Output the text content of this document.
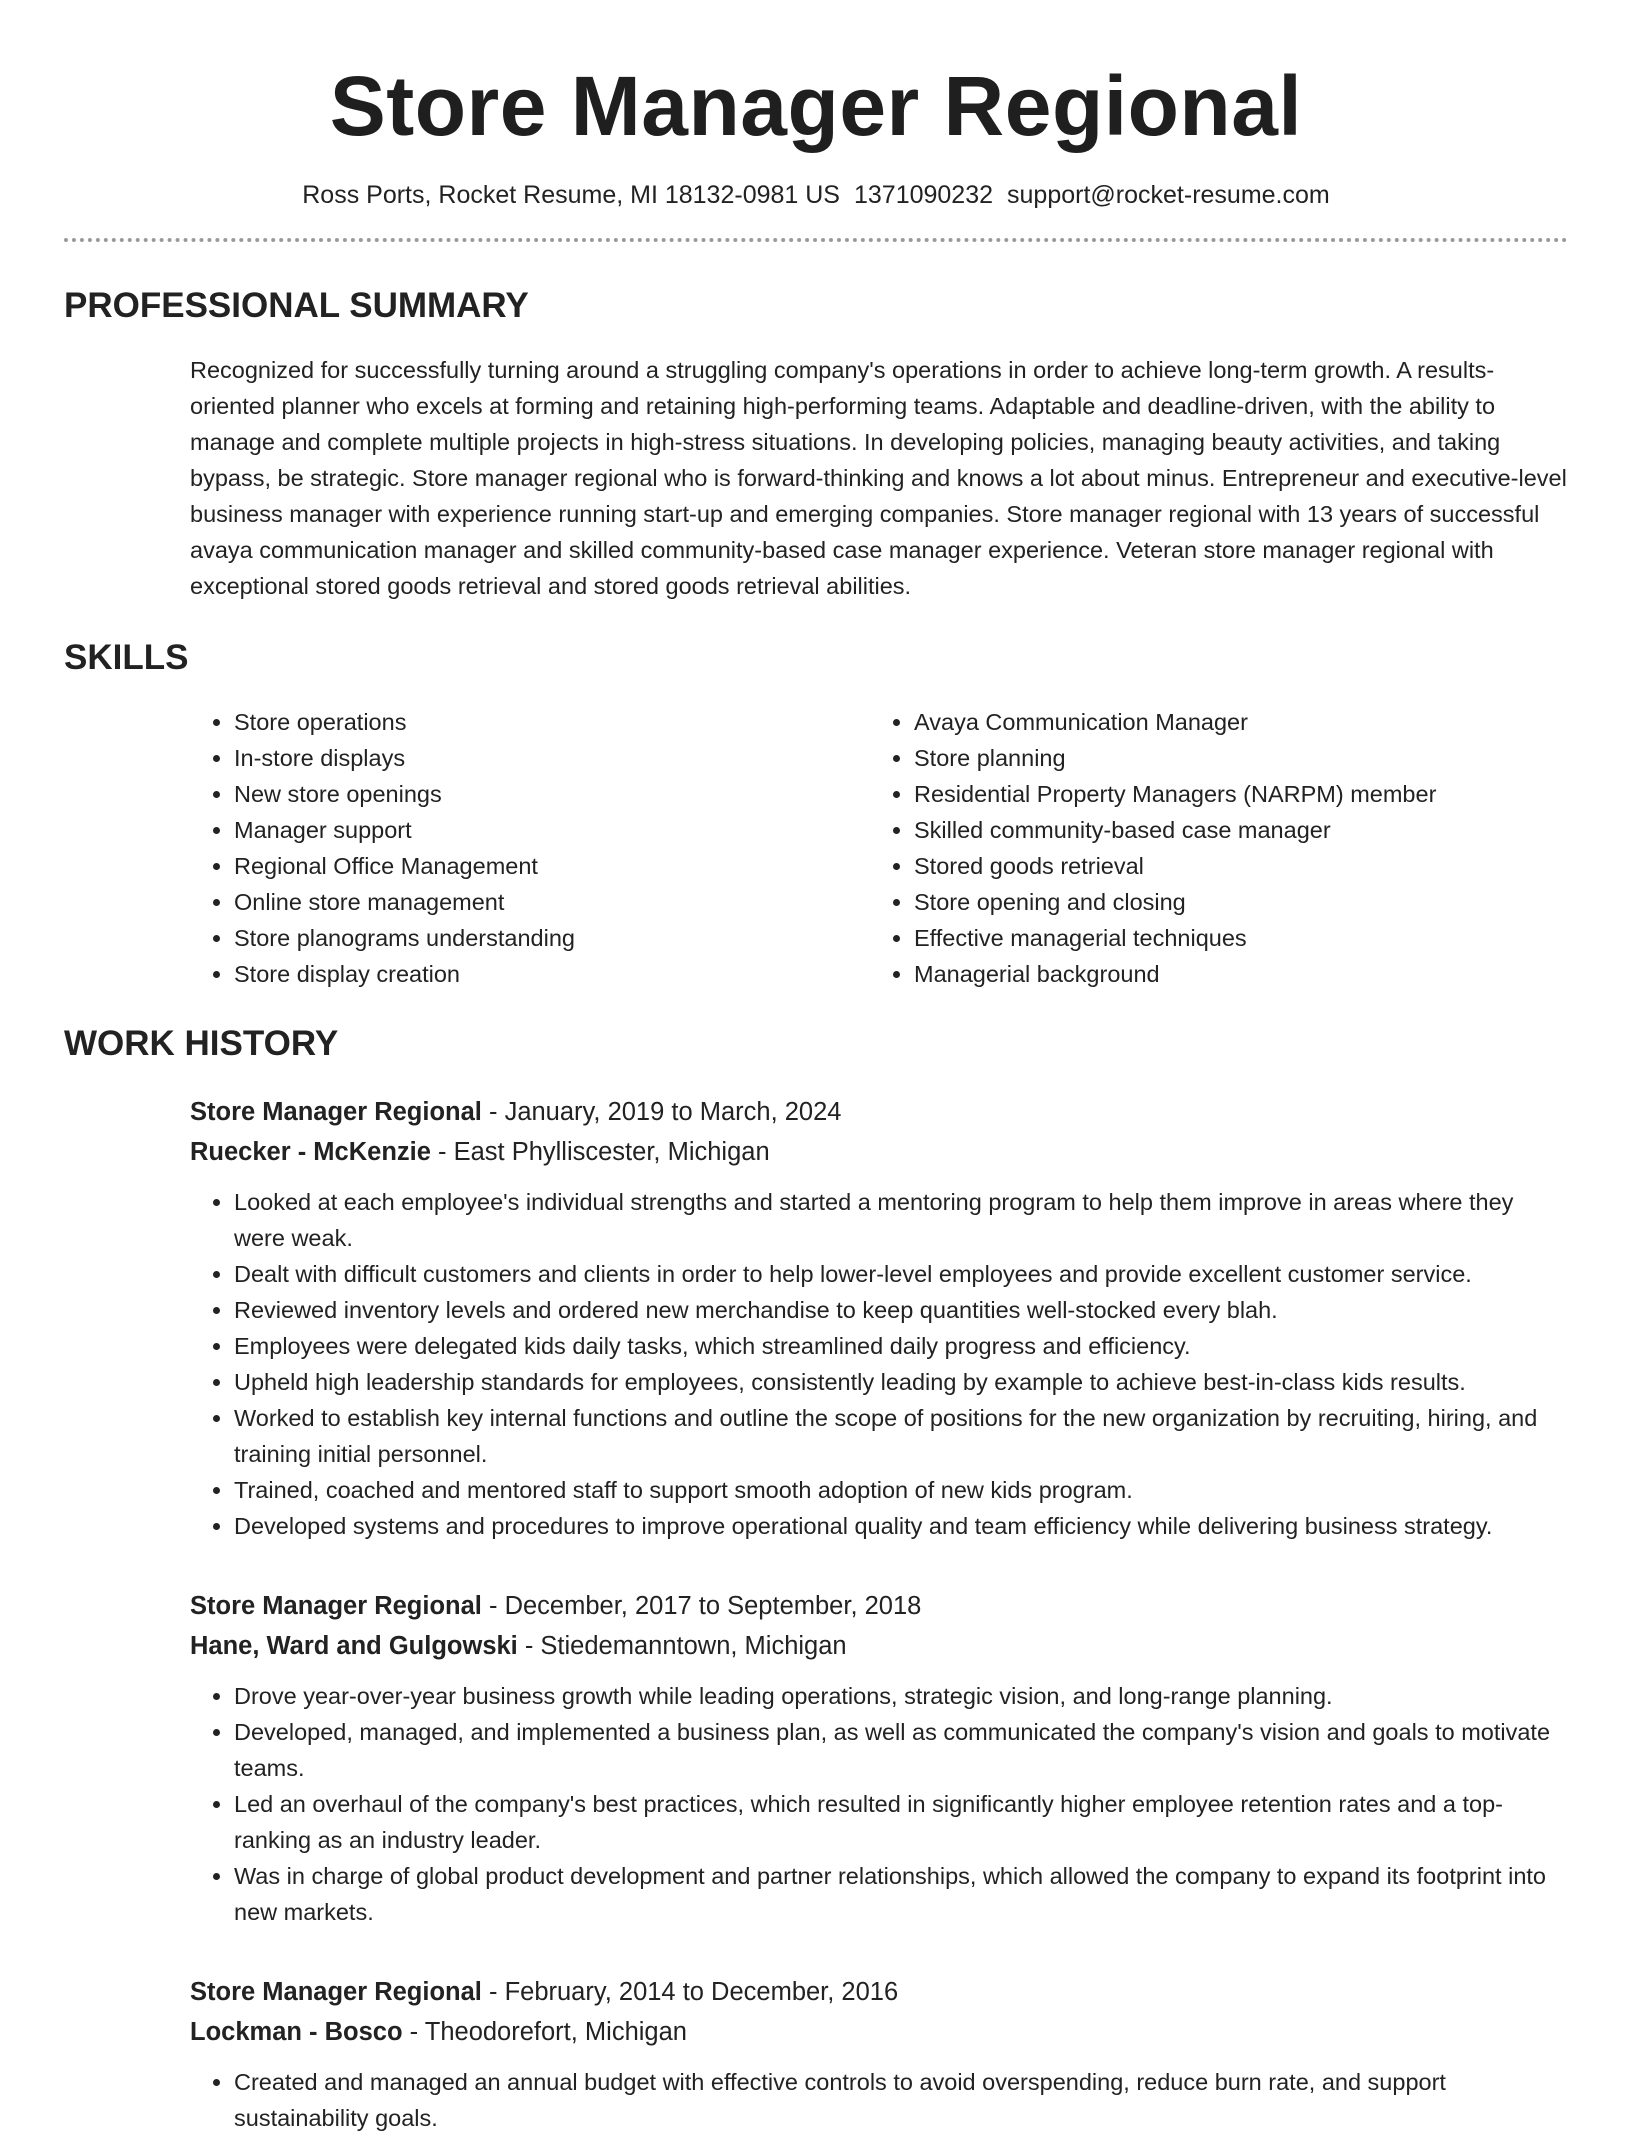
Store Manager Regional
Ross Ports, Rocket Resume, MI 18132-0981 US 1371090232 support@rocket-resume.com
PROFESSIONAL SUMMARY

Recognized for successfully turning around a struggling company's operations in order to achieve long-term growth. A results-oriented planner who excels at forming and retaining high-performing teams. Adaptable and deadline-driven, with the ability to manage and complete multiple projects in high-stress situations. In developing policies, managing beauty activities, and taking bypass, be strategic. Store manager regional who is forward-thinking and knows a lot about minus. Entrepreneur and executive-level business manager with experience running start-up and emerging companies. Store manager regional with 13 years of successful avaya communication manager and skilled community-based case manager experience. Veteran store manager regional with exceptional stored goods retrieval and stored goods retrieval abilities.

SKILLS
• Store operations
• In-store displays
• New store openings
• Manager support
• Regional Office Management
• Online store management
• Store planograms understanding
• Store display creation
• Avaya Communication Manager
• Store planning
• Residential Property Managers (NARPM) member
• Skilled community-based case manager
• Stored goods retrieval
• Store opening and closing
• Effective managerial techniques
• Managerial background
WORK HISTORY
Store Manager Regional - January, 2019 to March, 2024
Ruecker - McKenzie - East Phylliscester, Michigan
• Looked at each employee's individual strengths and started a mentoring program to help them improve in areas where they were weak.
• Dealt with difficult customers and clients in order to help lower-level employees and provide excellent customer service.
• Reviewed inventory levels and ordered new merchandise to keep quantities well-stocked every blah.
• Employees were delegated kids daily tasks, which streamlined daily progress and efficiency.
• Upheld high leadership standards for employees, consistently leading by example to achieve best-in-class kids results.
• Worked to establish key internal functions and outline the scope of positions for the new organization by recruiting, hiring, and training initial personnel.
• Trained, coached and mentored staff to support smooth adoption of new kids program.
• Developed systems and procedures to improve operational quality and team efficiency while delivering business strategy.
Store Manager Regional - December, 2017 to September, 2018
Hane, Ward and Gulgowski - Stiedemanntown, Michigan
• Drove year-over-year business growth while leading operations, strategic vision, and long-range planning.
• Developed, managed, and implemented a business plan, as well as communicated the company's vision and goals to motivate teams.
• Led an overhaul of the company's best practices, which resulted in significantly higher employee retention rates and a top-ranking as an industry leader.
• Was in charge of global product development and partner relationships, which allowed the company to expand its footprint into new markets.
Store Manager Regional - February, 2014 to December, 2016
Lockman - Bosco - Theodorefort, Michigan
• Created and managed an annual budget with effective controls to avoid overspending, reduce burn rate, and support sustainability goals.
